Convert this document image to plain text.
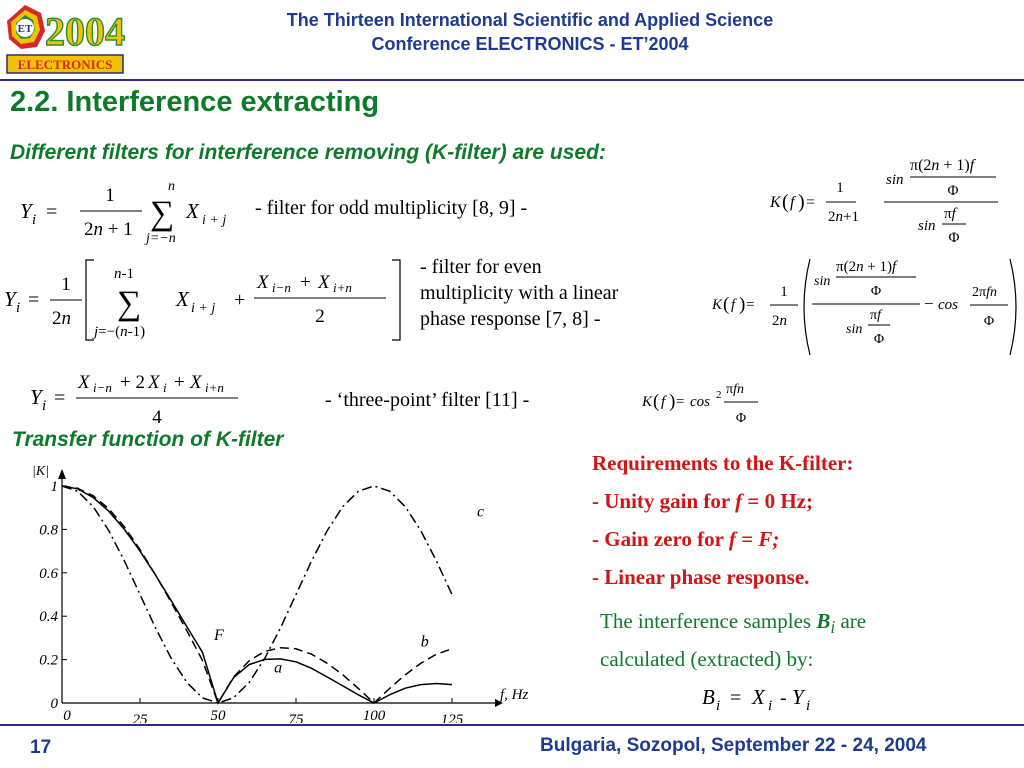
ET 2004
ELECTRONICS
The Thirteen International Scientific and Applied Science
Conference ELECTRONICS - ET’2004
2.2. Interference extracting
Different filters for interference removing (K-filter) are used:
Y i =
1
2n + 1 ∑
n
j=−n
X i + j
- filter for odd multiplicity [8, 9] -	K ( f ) =
1
2n+1
sin
π(2n + 1)f
Φ
sin
πf
Φ
Y i =
1
2n
n-1
∑
j=−(n-1)
X i + j +
X i−n + X i+n
2
- filter for even
multiplicity with a linear
phase response [7, 8] -
K ( f ) =
1
2n
sin
π(2n + 1)f
Φ
sin
πf
Φ
− cos
2πfn
Φ
Y i =
X i−n + 2 X i + X i+n
4
- ‘three-point’ filter [11] -	K ( f ) = cos 2 πfn
Φ
Transfer function of K-filter
0	25	50	75	100	125
0
0.2
0.4
0.6
0.8
1
|K|
f, Hz
a
b
c
F
Requirements to the K-filter:
- Unity gain for f = 0 Hz;
- Gain zero for f = F;
- Linear phase response.
The interference samples $B_i$ are
calculated (extracted) by:
B i = X i - Y i
17	Bulgaria, Sozopol, September 22 - 24, 2004
